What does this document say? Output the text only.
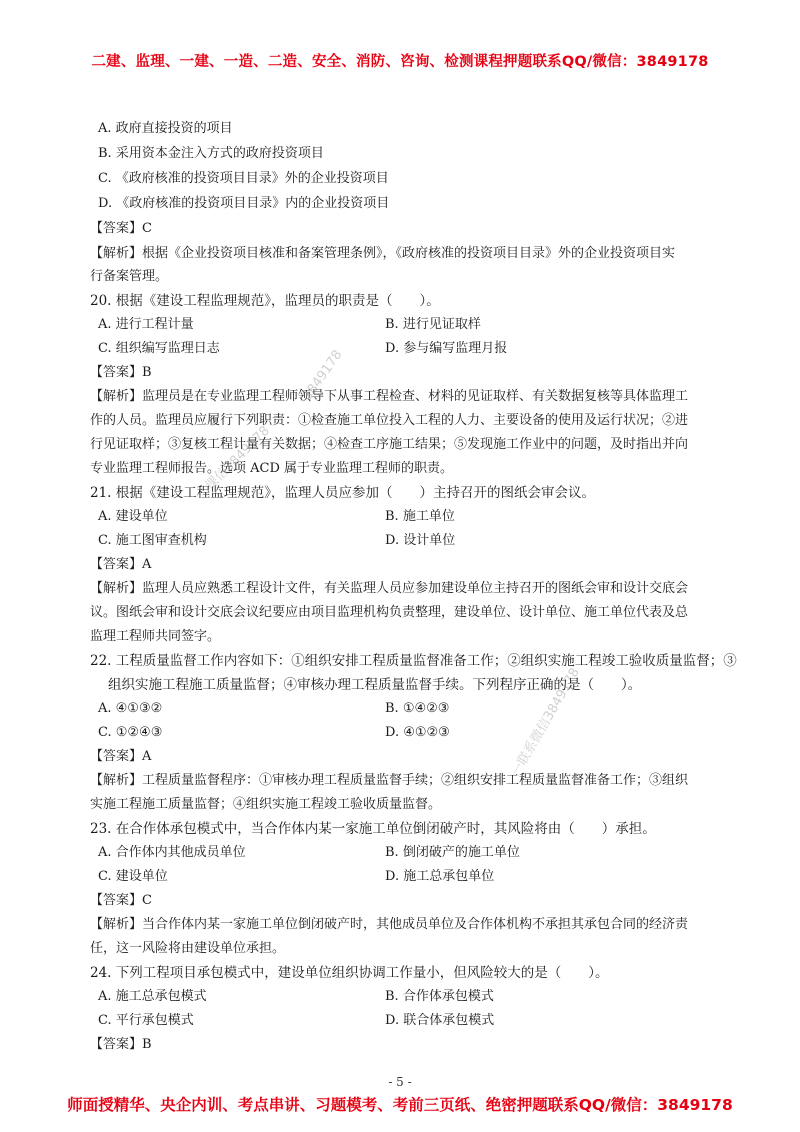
二建、监理、一建、一造、二造、安全、消防、咨询、检测课程押题联系QQ/微信：3849178
A. 政府直接投资的项目
B. 采用资本金注入方式的政府投资项目
C. 《政府核准的投资项目目录》外的企业投资项目
D. 《政府核准的投资项目目录》内的企业投资项目
【答案】C
【解析】根据《企业投资项目核准和备案管理条例》，《政府核准的投资项目目录》外的企业投资项目实
行备案管理。
20. 根据《建设工程监理规范》，监理员的职责是（　　）。
A. 进行工程计量	B. 进行见证取样
C. 组织编写监理日志	D. 参与编写监理月报
【答案】B
【解析】监理员是在专业监理工程师领导下从事工程检查、材料的见证取样、有关数据复核等具体监理工
作的人员。监理员应履行下列职责：①检查施工单位投入工程的人力、主要设备的使用及运行状况；②进
行见证取样；③复核工程计量有关数据；④检查工序施工结果；⑤发现施工作业中的问题，及时指出并向
专业监理工程师报告。选项 ACD 属于专业监理工程师的职责。
21. 根据《建设工程监理规范》，监理人员应参加（　　）主持召开的图纸会审会议。
A. 建设单位	B. 施工单位
C. 施工图审查机构	D. 设计单位
【答案】A
【解析】监理人员应熟悉工程设计文件，有关监理人员应参加建设单位主持召开的图纸会审和设计交底会
议。图纸会审和设计交底会议纪要应由项目监理机构负责整理，建设单位、设计单位、施工单位代表及总
监理工程师共同签字。
22. 工程质量监督工作内容如下：①组织安排工程质量监督准备工作；②组织实施工程竣工验收质量监督；③
组织实施工程施工质量监督；④审核办理工程质量监督手续。下列程序正确的是（　　）。
A. ④①③②	B. ①④②③
C. ①②④③	D. ④①②③
【答案】A
【解析】工程质量监督程序：①审核办理工程质量监督手续；②组织安排工程质量监督准备工作；③组织
实施工程施工质量监督；④组织实施工程竣工验收质量监督。
23. 在合作体承包模式中，当合作体内某一家施工单位倒闭破产时，其风险将由（　　）承担。
A. 合作体内其他成员单位	B. 倒闭破产的施工单位
C. 建设单位	D. 施工总承包单位
【答案】C
【解析】当合作体内某一家施工单位倒闭破产时，其他成员单位及合作体机构不承担其承包合同的经济责
任，这一风险将由建设单位承担。
24. 下列工程项目承包模式中，建设单位组织协调工作量小，但风险较大的是（　　）。
A. 施工总承包模式	B. 合作体承包模式
C. 平行承包模式	D. 联合体承包模式
【答案】B
3849178
课信3849178
一联系微信3849178
- 5 -
师面授精华、央企内训、考点串讲、习题模考、考前三页纸、绝密押题联系QQ/微信：3849178
